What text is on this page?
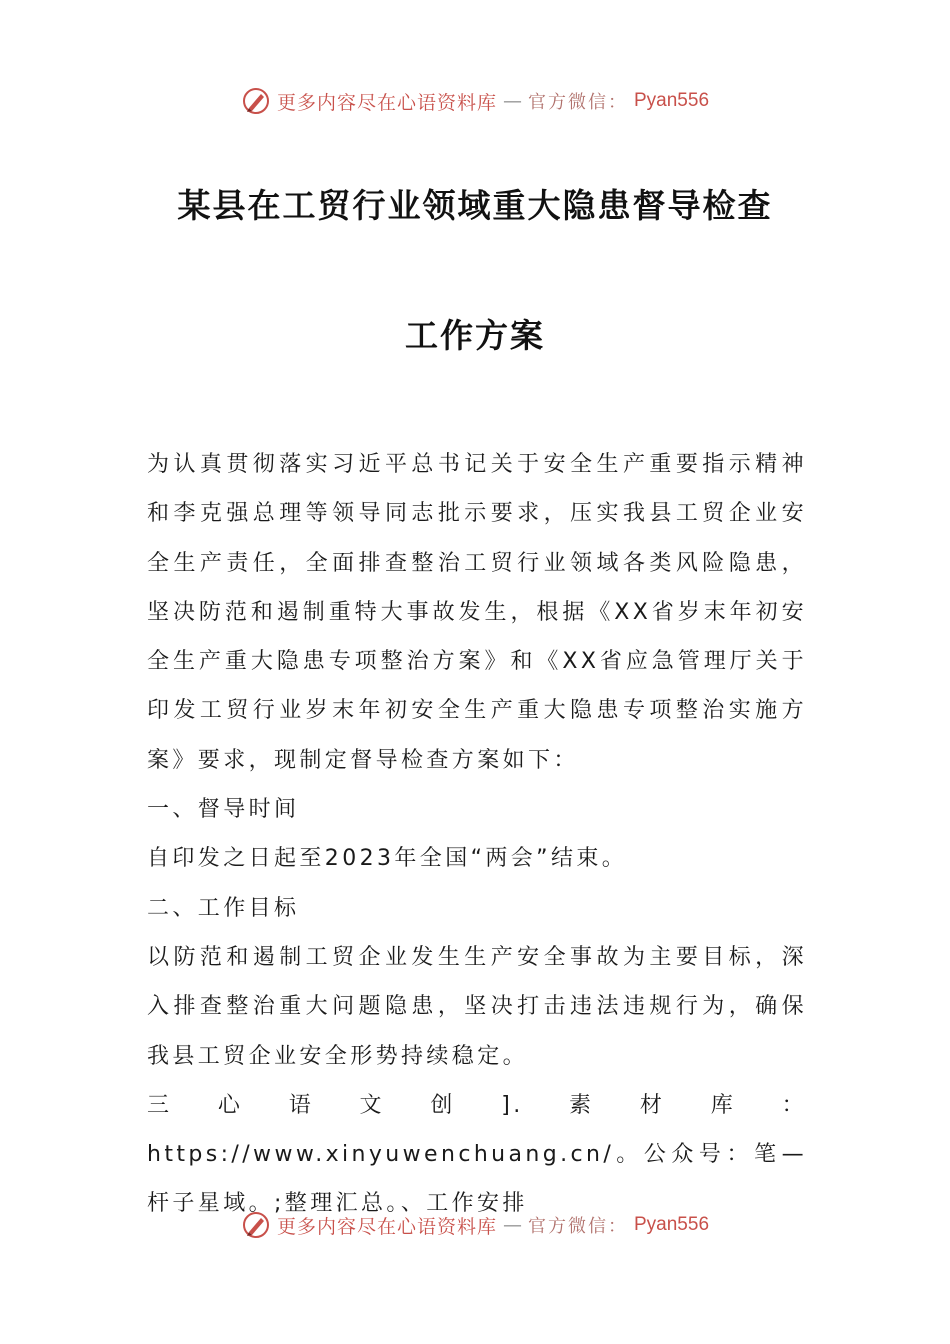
更多内容尽在心语资料库 — 官方微信： Pyan556
某县在工贸行业领域重大隐患督导检查
工作方案

为认真贯彻落实习近平总书记关于安全生产重要指示精神和李克强总理等领导同志批示要求，压实我县工贸企业安全生产责任，全面排查整治工贸行业领域各类风险隐患，坚决防范和遏制重特大事故发生，根据《XX省岁末年初安全生产重大隐患专项整治方案》和《XX省应急管理厅关于印发工贸行业岁末年初安全生产重大隐患专项整治实施方案》要求，现制定督导检查方案如下：

一、督导时间

自印发之日起至2023年全国“两会”结束。

二、工作目标

以防范和遏制工贸企业发生生产安全事故为主要目标，深入排查整治重大问题隐患，坚决打击违法违规行为，确保我县工贸企业安全形势持续稳定。

三心语文创].素材库：https://www.xinyuwenchuang.cn/。公众号：笔—杆子星域。;整理汇总。、工作安排

更多内容尽在心语资料库 — 官方微信： Pyan556
